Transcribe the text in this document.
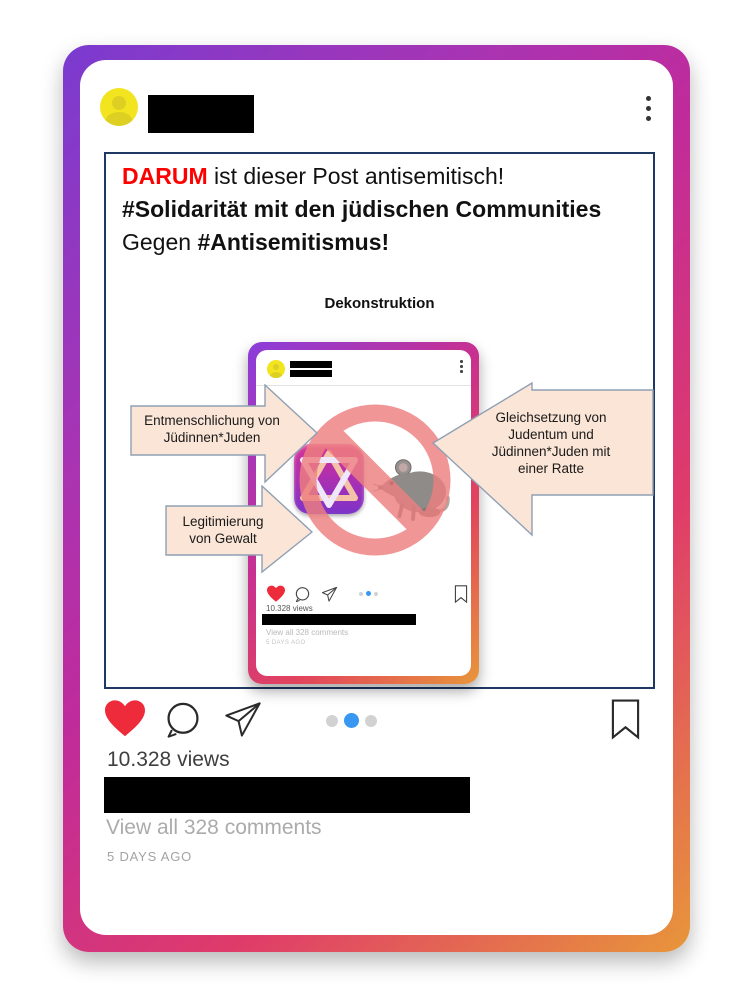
DARUM ist dieser Post antisemitisch!
#Solidarität mit den jüdischen Communities
Gegen #Antisemitismus!
Dekonstruktion
10.328 views
View all 328 comments
5 DAYS AGO
Entmenschlichung von
Jüdinnen*Juden
Legitimierung
von Gewalt
Gleichsetzung von
Judentum und
Jüdinnen*Juden mit
einer Ratte
10.328 views
View all 328 comments
5 DAYS AGO
